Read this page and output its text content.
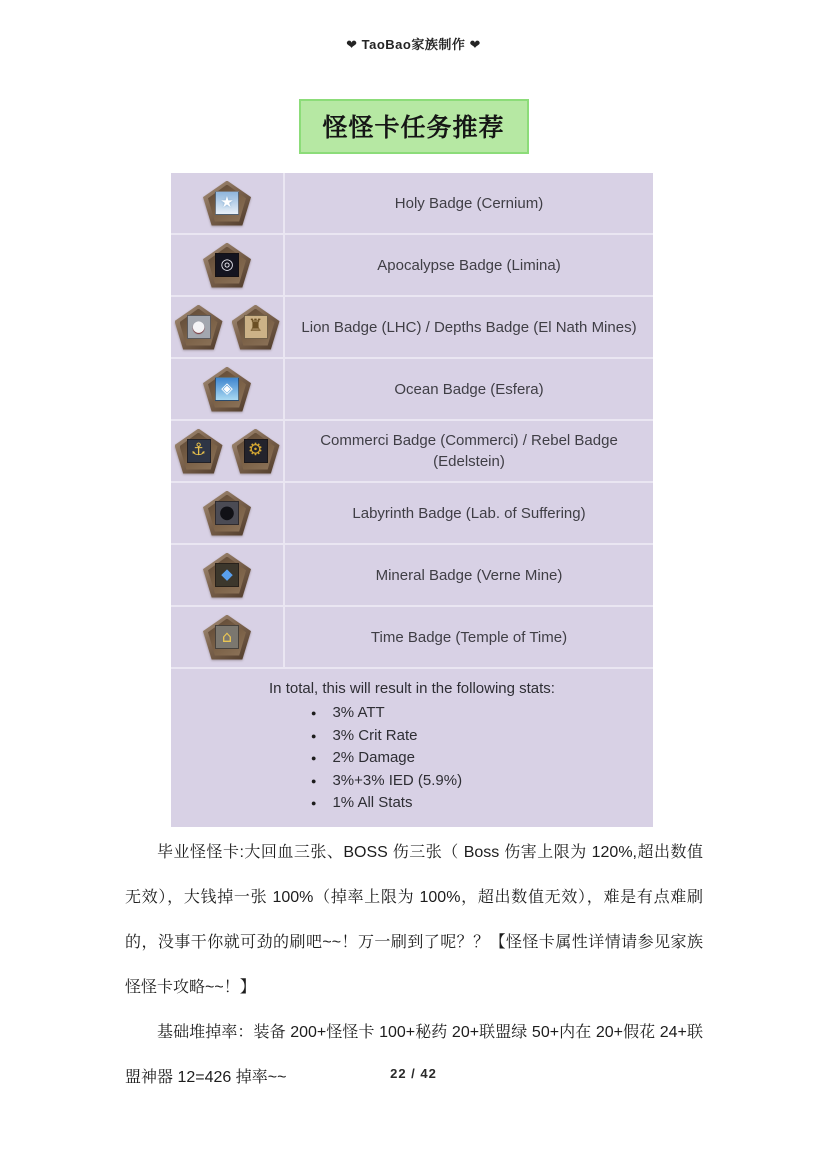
❤ TaoBao家族制作 ❤
怪怪卡任务推荐
★	Holy Badge (Cernium)
◎	Apocalypse Badge (Limina)
●	♜	Lion Badge (LHC) / Depths Badge (El Nath Mines)
◈	Ocean Badge (Esfera)
⚓ ⚙	Commerci Badge (Commerci) / Rebel Badge (Edelstein)
●	Labyrinth Badge (Lab. of Suffering)
◆	Mineral Badge (Verne Mine)
⌂	Time Badge (Temple of Time)
In total, this will result in the following stats:
● 3% ATT
● 3% Crit Rate
● 2% Damage
● 3%+3% IED (5.9%)
● 1% All Stats

毕业怪怪卡:大回血三张、BOSS 伤三张（ Boss 伤害上限为 120%,超出数值无效），大钱掉一张 100%（掉率上限为 100%，超出数值无效），难是有点难刷的，没事干你就可劲的刷吧~~！万一刷到了呢？？【怪怪卡属性详情请参见家族怪怪卡攻略~~！】

基础堆掉率：装备 200+怪怪卡 100+秘药 20+联盟绿 50+内在 20+假花 24+联盟神器 12=426 掉率~~	22 / 42
